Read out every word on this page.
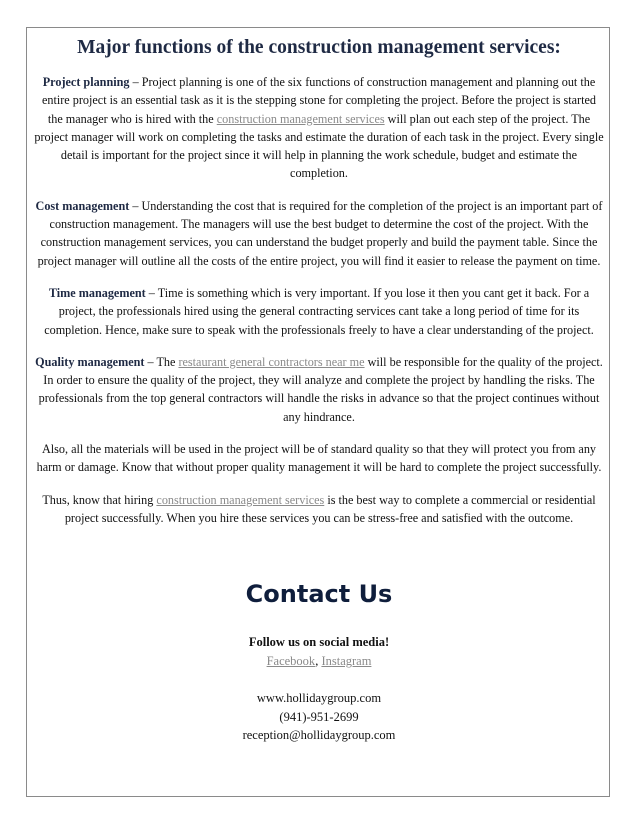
Major functions of the construction management services:

Project planning – Project planning is one of the six functions of construction management and planning out the entire project is an essential task as it is the stepping stone for completing the project. Before the project is started the manager who is hired with the construction management services will plan out each step of the project. The project manager will work on completing the tasks and estimate the duration of each task in the project. Every single detail is important for the project since it will help in planning the work schedule, budget and estimate the completion.

Cost management – Understanding the cost that is required for the completion of the project is an important part of construction management. The managers will use the best budget to determine the cost of the project. With the construction management services, you can understand the budget properly and build the payment table. Since the project manager will outline all the costs of the entire project, you will find it easier to release the payment on time.

Time management – Time is something which is very important. If you lose it then you cant get it back. For a project, the professionals hired using the general contracting services cant take a long period of time for its completion. Hence, make sure to speak with the professionals freely to have a clear understanding of the project.

Quality management – The restaurant general contractors near me will be responsible for the quality of the project. In order to ensure the quality of the project, they will analyze and complete the project by handling the risks. The professionals from the top general contractors will handle the risks in advance so that the project continues without any hindrance.

Also, all the materials will be used in the project will be of standard quality so that they will protect you from any harm or damage. Know that without proper quality management it will be hard to complete the project successfully.

Thus, know that hiring construction management services is the best way to complete a commercial or residential project successfully. When you hire these services you can be stress-free and satisfied with the outcome.

Contact Us

Follow us on social media!

Facebook, Instagram

www.hollidaygroup.com

(941)-951-2699

reception@hollidaygroup.com
